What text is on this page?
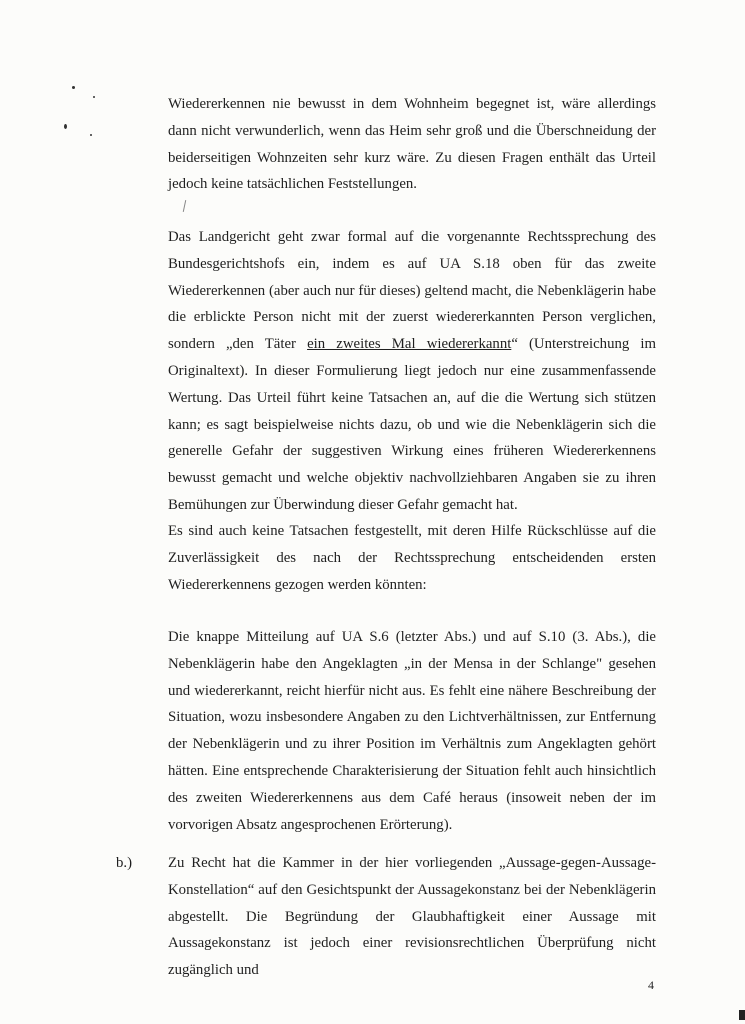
Wiedererkennen nie bewusst in dem Wohnheim begegnet ist, wäre allerdings dann nicht verwunderlich, wenn das Heim sehr groß und die Überschneidung der beiderseitigen Wohnzeiten sehr kurz wäre. Zu diesen Fragen enthält das Urteil jedoch keine tatsächlichen Feststellungen.

Das Landgericht geht zwar formal auf die vorgenannte Rechtssprechung des Bundesgerichtshofs ein, indem es auf UA S.18 oben für das zweite Wiedererkennen (aber auch nur für dieses) geltend macht, die Nebenklägerin habe die erblickte Person nicht mit der zuerst wiedererkannten Person verglichen, sondern „den Täter ein zweites Mal wiedererkannt“ (Unterstreichung im Originaltext). In dieser Formulierung liegt jedoch nur eine zusammenfassende Wertung. Das Urteil führt keine Tatsachen an, auf die die Wertung sich stützen kann; es sagt beispielweise nichts dazu, ob und wie die Nebenklägerin sich die generelle Gefahr der suggestiven Wirkung eines früheren Wiedererkennens bewusst gemacht und welche objektiv nachvollziehbaren Angaben sie zu ihren Bemühungen zur Überwindung dieser Gefahr gemacht hat.

Es sind auch keine Tatsachen festgestellt, mit deren Hilfe Rückschlüsse auf die Zuverlässigkeit des nach der Rechtssprechung entscheidenden ersten Wiedererkennens gezogen werden könnten:

Die knappe Mitteilung auf UA S.6 (letzter Abs.) und auf S.10 (3. Abs.), die Nebenklägerin habe den Angeklagten „in der Mensa in der Schlange" gesehen und wiedererkannt, reicht hierfür nicht aus. Es fehlt eine nähere Beschreibung der Situation, wozu insbesondere Angaben zu den Lichtverhältnissen, zur Entfernung der Nebenklägerin und zu ihrer Position im Verhältnis zum Angeklagten gehört hätten. Eine entsprechende Charakterisierung der Situation fehlt auch hinsichtlich des zweiten Wiedererkennens aus dem Café heraus (insoweit neben der im vorvorigen Absatz angesprochenen Erörterung).

b.) Zu Recht hat die Kammer in der hier vorliegenden „Aussage-gegen-Aussage-Konstellation“ auf den Gesichtspunkt der Aussagekonstanz bei der Nebenklägerin abgestellt. Die Begründung der Glaubhaftigkeit einer Aussage mit Aussagekonstanz ist jedoch einer revisionsrechtlichen Überprüfung nicht zugänglich und

4
